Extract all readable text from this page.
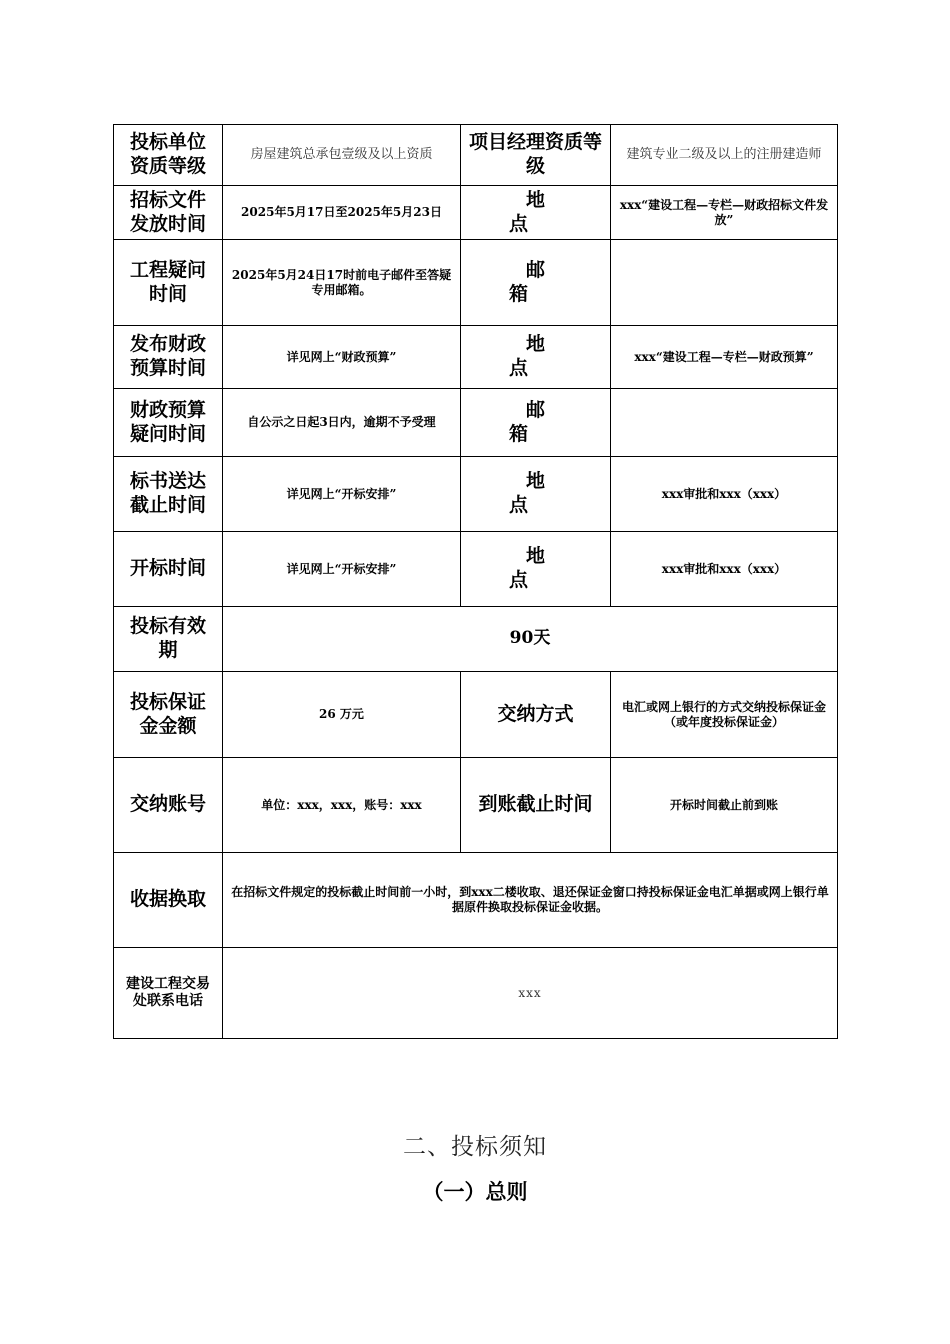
投标单位资质等级	房屋建筑总承包壹级及以上资质	项目经理资质等级	建筑专业二级及以上的注册建造师
招标文件发放时间	2025年5月17日至2025年5月23日	地　点	xxx“建设工程—专栏—财政招标文件发放”
工程疑问时间	2025年5月24日17时前电子邮件至答疑专用邮箱。	邮　箱	
发布财政预算时间	详见网上“财政预算”	地　点	xxx“建设工程—专栏—财政预算”
财政预算疑问时间	自公示之日起3日内，逾期不予受理	邮　箱	
标书送达截止时间	详见网上“开标安排”	地　点	xxx审批和xxx（xxx）
开标时间	详见网上“开标安排”	地　点	xxx审批和xxx（xxx）
投标有效期	90天		
投标保证金金额	26 万元	交纳方式	电汇或网上银行的方式交纳投标保证金（或年度投标保证金）
交纳账号	单位：xxx，xxx，账号：xxx	到账截止时间	开标时间截止前到账
收据换取	在招标文件规定的投标截止时间前一小时，到xxx二楼收取、退还保证金窗口持投标保证金电汇单据或网上银行单据原件换取投标保证金收据。		
建设工程交易处联系电话	xxx		
二、投标须知
（一）总则
